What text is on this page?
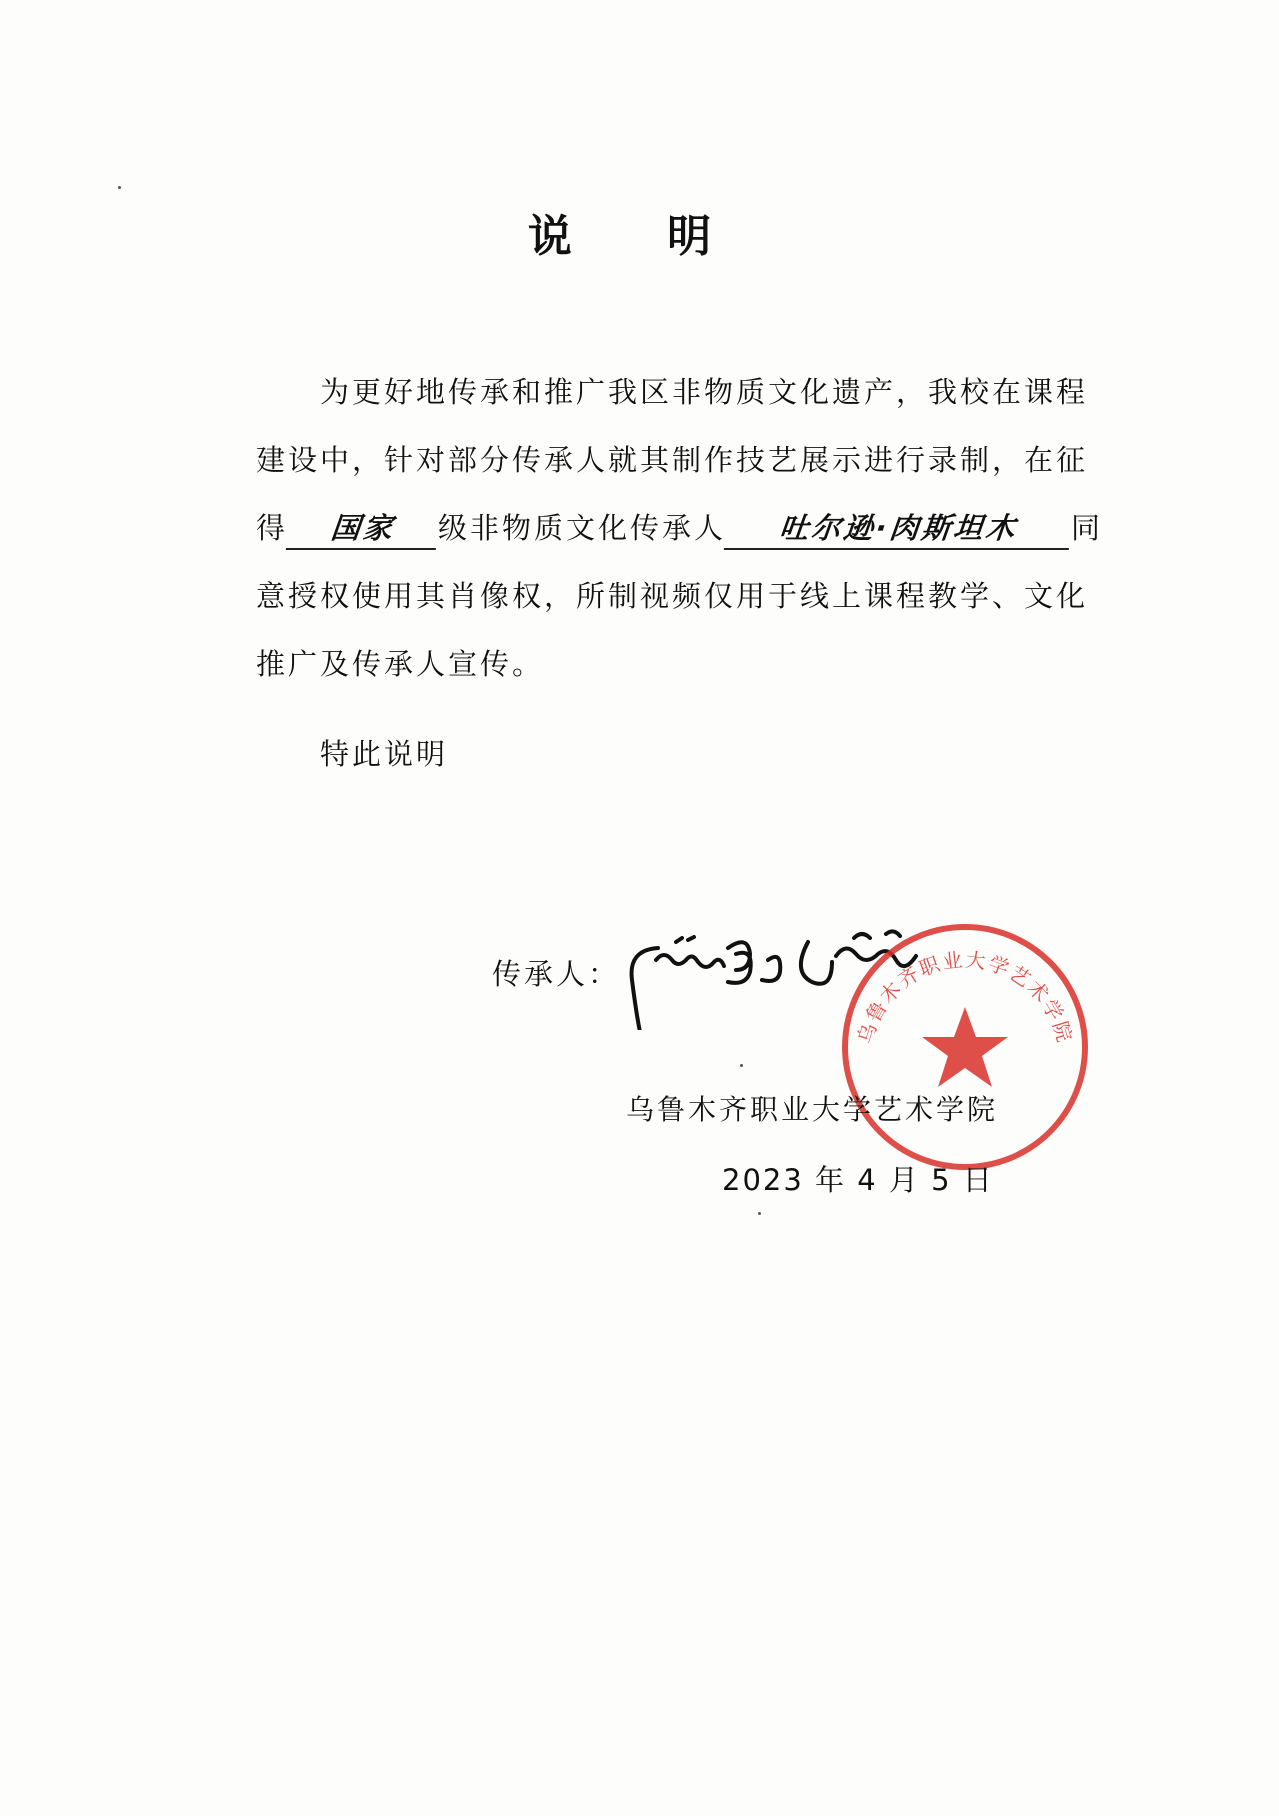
说 明
为更好地传承和推广我区非物质文化遗产，我校在课程
建设中，针对部分传承人就其制作技艺展示进行录制，在征
得 国家 级非物质文化传承人 吐尔逊·肉斯坦木 同
意授权使用其肖像权，所制视频仅用于线上课程教学、文化
推广及传承人宣传。
特此说明
传承人：
乌鲁木齐职业大学艺术学院
乌鲁木齐职业大学艺术学院
2023 年 4 月 5 日
